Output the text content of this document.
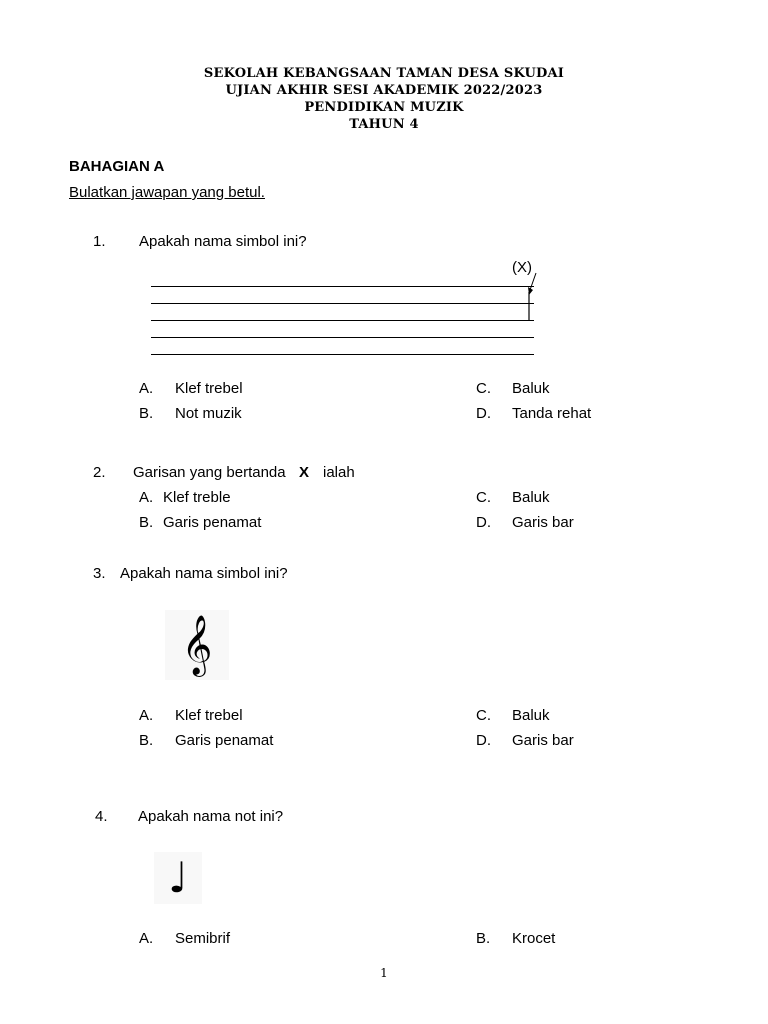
SEKOLAH KEBANGSAAN TAMAN DESA SKUDAI
UJIAN AKHIR SESI AKADEMIK 2022/2023
PENDIDIKAN MUZIK
TAHUN 4
BAHAGIAN A
Bulatkan jawapan yang betul.
1. Apakah nama simbol ini?
(X)
A. Klef trebel
B. Not muzik
C. Baluk
D. Tanda rehat
2. Garisan yang bertanda X ialah
A. Klef treble
B. Garis penamat
C. Baluk
D. Garis bar
3. Apakah nama simbol ini?
𝄞
A. Klef trebel
B. Garis penamat
C. Baluk
D. Garis bar
4. Apakah nama not ini?
♩
A. Semibrif	B. Krocet
1
